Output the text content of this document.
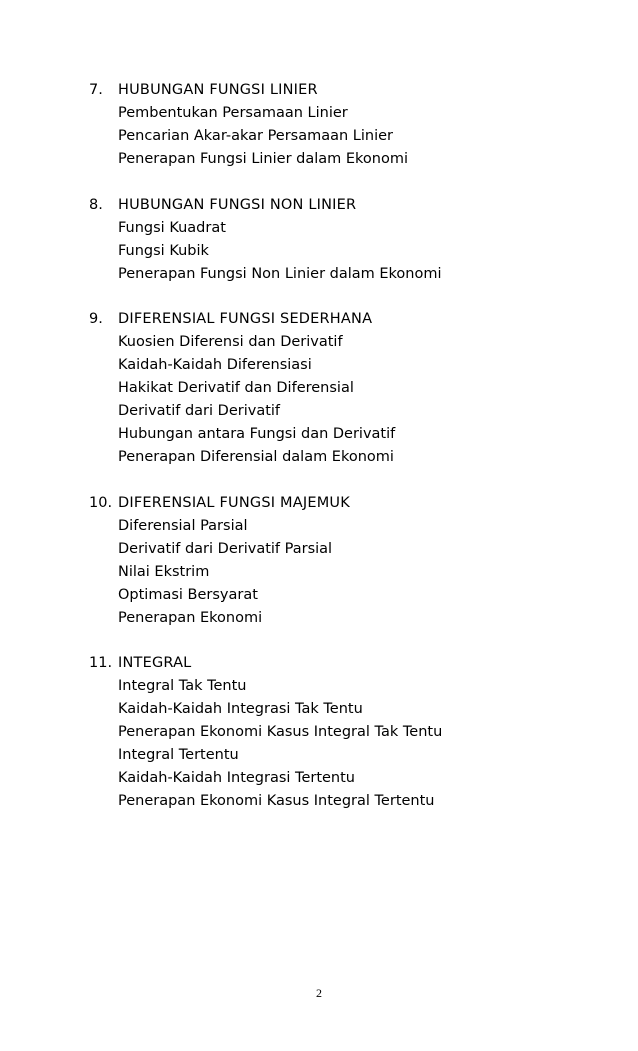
7. HUBUNGAN FUNGSI LINIER
Pembentukan Persamaan Linier
Pencarian Akar-akar Persamaan Linier
Penerapan Fungsi Linier dalam Ekonomi
8. HUBUNGAN FUNGSI NON LINIER
Fungsi Kuadrat
Fungsi Kubik
Penerapan Fungsi Non Linier dalam Ekonomi
9. DIFERENSIAL FUNGSI SEDERHANA
Kuosien Diferensi dan Derivatif
Kaidah-Kaidah Diferensiasi
Hakikat Derivatif dan Diferensial
Derivatif dari Derivatif
Hubungan antara Fungsi dan Derivatif
Penerapan Diferensial dalam Ekonomi
10. DIFERENSIAL FUNGSI MAJEMUK
Diferensial Parsial
Derivatif dari Derivatif Parsial
Nilai Ekstrim
Optimasi Bersyarat
Penerapan Ekonomi
11. INTEGRAL
Integral Tak Tentu
Kaidah-Kaidah Integrasi Tak Tentu
Penerapan Ekonomi Kasus Integral Tak Tentu
Integral Tertentu
Kaidah-Kaidah Integrasi Tertentu
Penerapan Ekonomi Kasus Integral Tertentu
2
